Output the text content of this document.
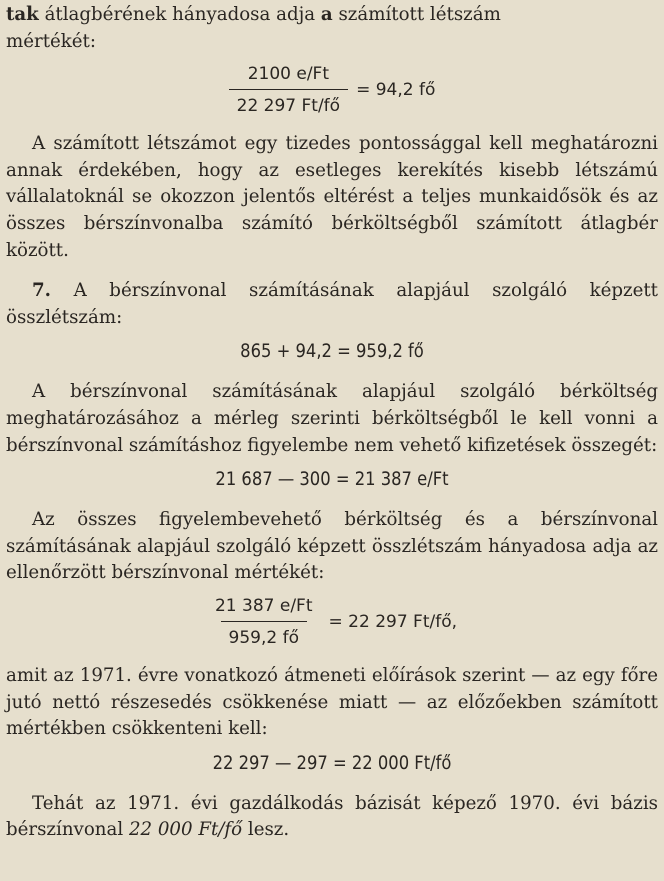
tak átlagbérének hányadosa adja a számított létszám
mértékét:

$\frac{2100 e/Ft}{22 297 Ft/fő} = 94,2$ fő

A számított létszámot egy tizedes pontossággal kell meghatározni annak érdekében, hogy az esetleges kerekítés kisebb létszámú vállalatoknál se okozzon jelentős eltérést a teljes munkaidősök és az összes bérszínvonalba számító bérköltségből számított átlagbér között.

7. A bérszínvonal számításának alapjául szolgáló képzett összlétszám:

865 + 94,2 = 959,2 fő

A bérszínvonal számításának alapjául szolgáló bérköltség meghatározásához a mérleg szerinti bérköltségből le kell vonni a bérszínvonal számításhoz figyelembe nem vehető kifizetések összegét:

21 687 — 300 = 21 387 e/Ft

Az összes figyelembevehető bérköltség és a bérszínvonal számításának alapjául szolgáló képzett összlétszám hányadosa adja az ellenőrzött bérszínvonal mértékét:

$\frac{21 387 e/Ft}{959,2 fő} = 22$ 297 Ft/fő,

amit az 1971. évre vonatkozó átmeneti előírások szerint — az egy főre jutó nettó részesedés csökkenése miatt — az előzőekben számított mértékben csökkenteni kell:

22 297 — 297 = 22 000 Ft/fő

Tehát az 1971. évi gazdálkodás bázisát képező 1970. évi bázis bérszínvonal 22 000 Ft/fő lesz.
